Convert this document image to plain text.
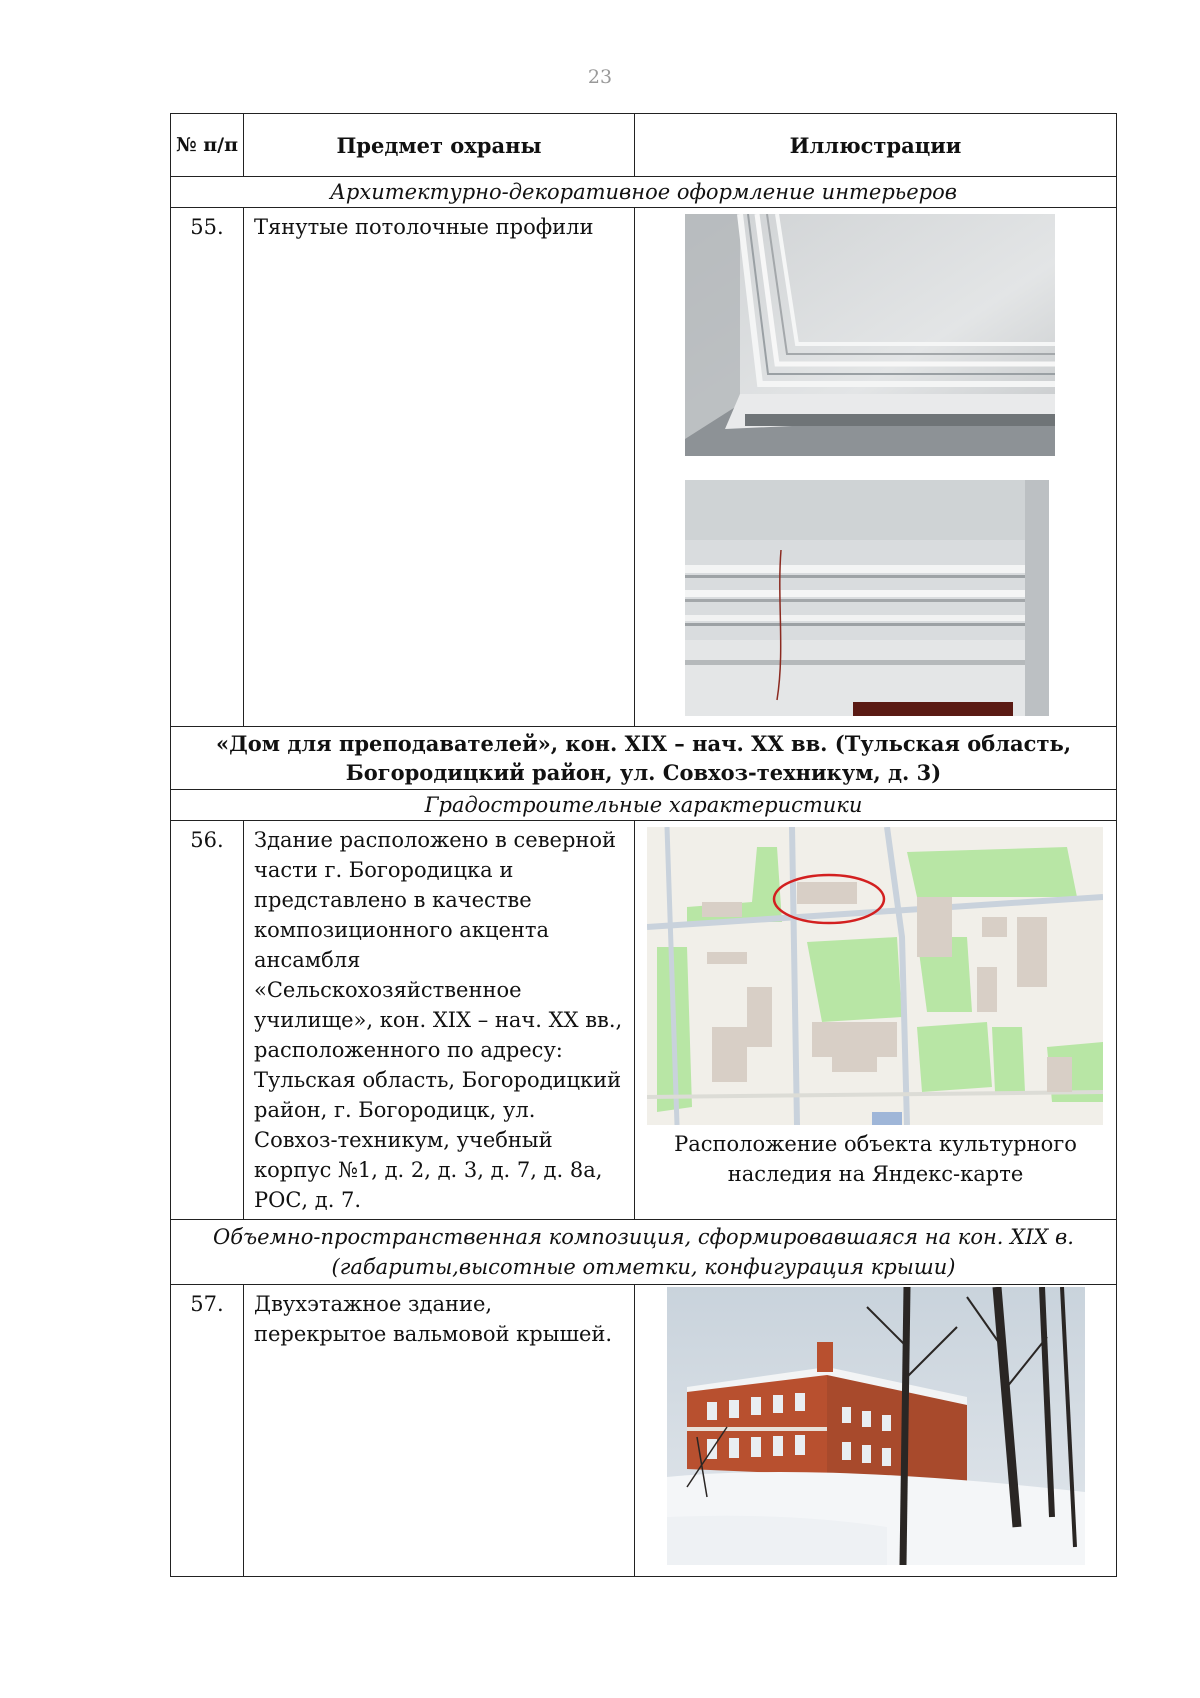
23
№ п/п	Предмет охраны	Иллюстрации
Архитектурно-декоративное оформление интерьеров		
55.	Тянутые потолочные профили	

«Дом для преподавателей», кон. XIX – нач. XX вв. (Тульская область, Богородицкий район, ул. Совхоз-техникум, д. 3)		
Градостроительные характеристики		
56.	Здание расположено в северной части г. Богородицка и представлено в качестве композиционного акцента ансамбля «Сельскохозяйственное училище», кон. XIX – нач. XX вв., расположенного по адресу: Тульская область, Богородицкий район, г. Богородицк, ул. Совхоз-техникум, учебный корпус №1, д. 2, д. 3, д. 7, д. 8а, РОС, д. 7.	Расположение объекта культурного наследия на Яндекс-карте

Объемно-пространственная композиция, сформировавшаяся на кон. XIX в.(габариты,высотные отметки, конфигурация крыши)		
57.	Двухэтажное здание, перекрытое вальмовой крышей.	
